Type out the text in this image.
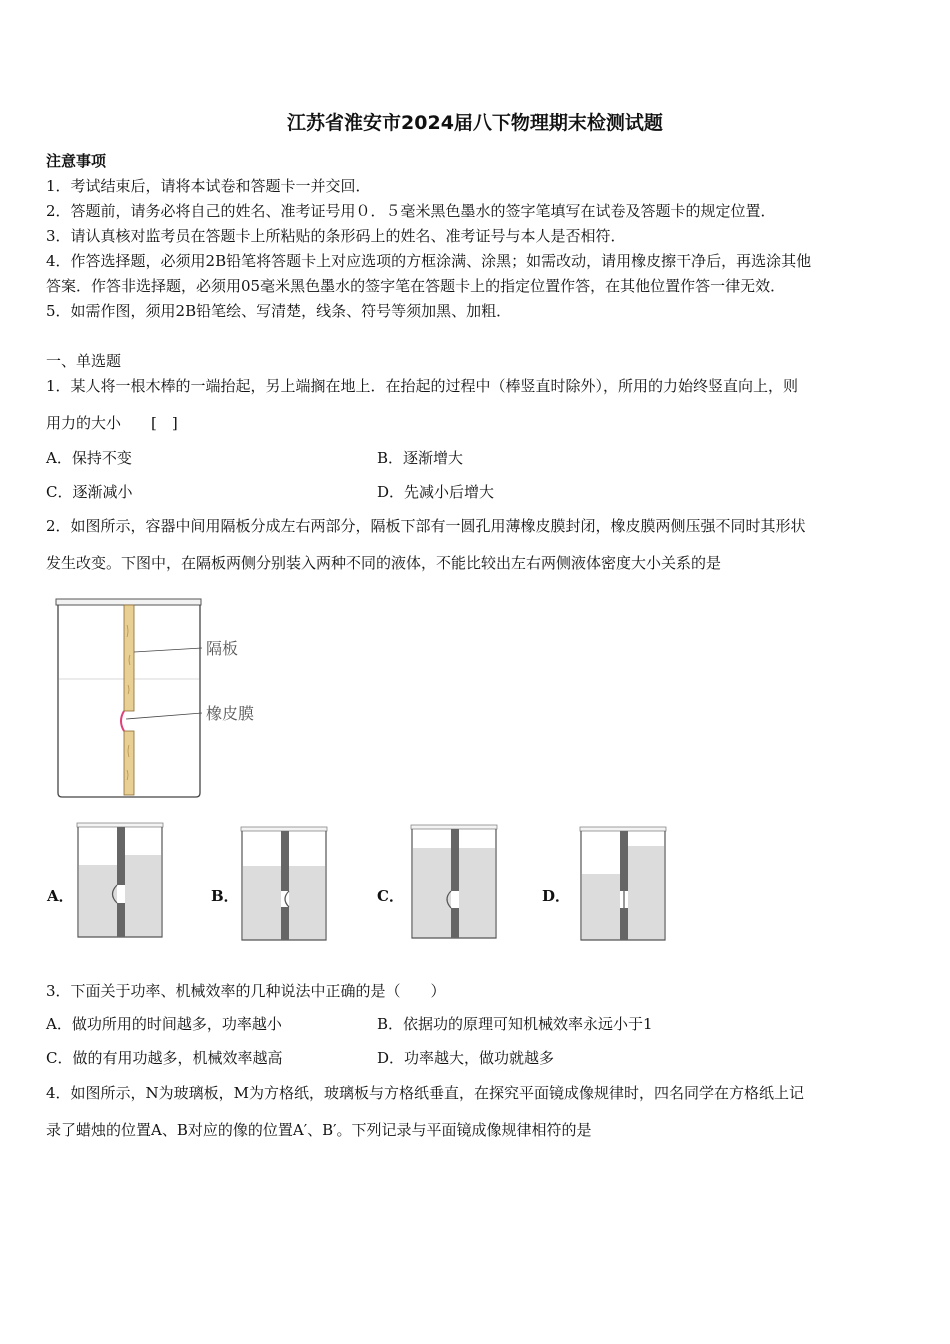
江苏省淮安市2024届八下物理期末检测试题
注意事项
1．考试结束后，请将本试卷和答题卡一并交回．
2．答题前，请务必将自己的姓名、准考证号用０．５毫米黑色墨水的签字笔填写在试卷及答题卡的规定位置．
3．请认真核对监考员在答题卡上所粘贴的条形码上的姓名、准考证号与本人是否相符．
4．作答选择题，必须用2B铅笔将答题卡上对应选项的方框涂满、涂黑；如需改动，请用橡皮擦干净后，再选涂其他
答案．作答非选择题，必须用05毫米黑色墨水的签字笔在答题卡上的指定位置作答，在其他位置作答一律无效．
5．如需作图，须用2B铅笔绘、写清楚，线条、符号等须加黑、加粗．
一、单选题
1．某人将一根木棒的一端抬起，另上端搁在地上．在抬起的过程中（棒竖直时除外），所用的力始终竖直向上，则
用力的大小　　[　]
A．保持不变	B．逐渐增大
C．逐渐减小	D．先减小后增大
2．如图所示，容器中间用隔板分成左右两部分，隔板下部有一圆孔用薄橡皮膜封闭，橡皮膜两侧压强不同时其形状
发生改变。下图中，在隔板两侧分别装入两种不同的液体，不能比较出左右两侧液体密度大小关系的是
隔板
橡皮膜
A．	B．	C．	D．
3．下面关于功率、机械效率的几种说法中正确的是（　　）
A．做功所用的时间越多，功率越小	B．依据功的原理可知机械效率永远小于1
C．做的有用功越多，机械效率越高	D．功率越大，做功就越多
4．如图所示，N为玻璃板，M为方格纸，玻璃板与方格纸垂直，在探究平面镜成像规律时，四名同学在方格纸上记
录了蜡烛的位置A、B对应的像的位置A′、B′。下列记录与平面镜成像规律相符的是
